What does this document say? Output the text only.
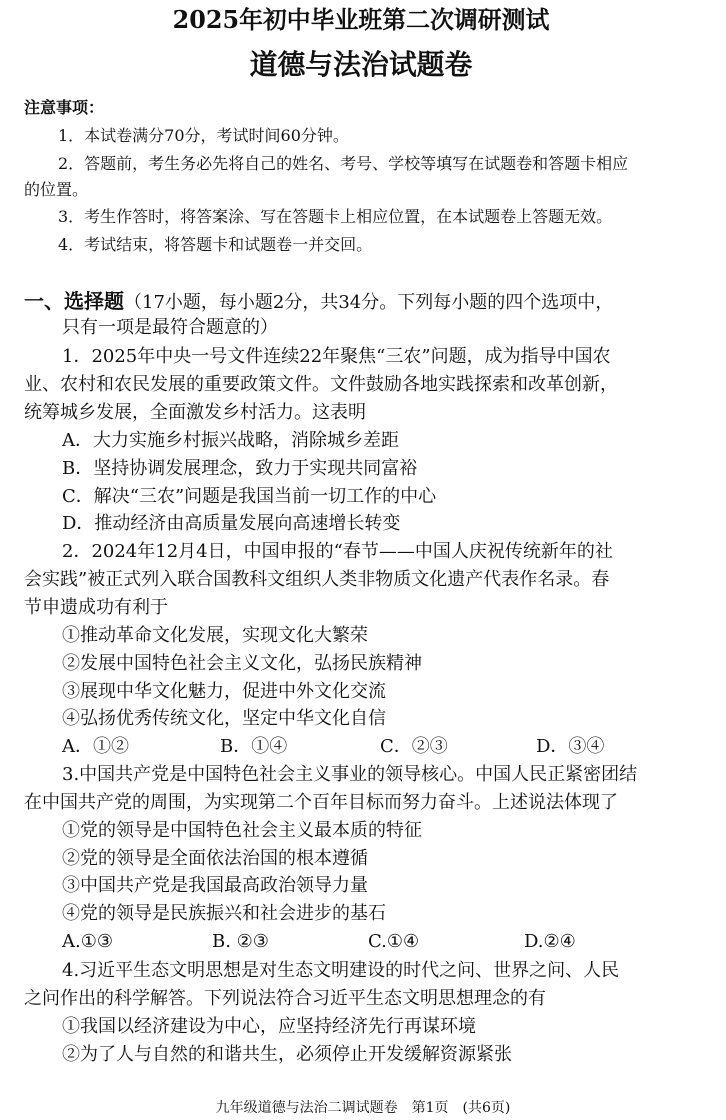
2025年初中毕业班第二次调研测试
道德与法治试题卷
注意事项：
1．本试卷满分70分，考试时间60分钟。
2．答题前，考生务必先将自己的姓名、考号、学校等填写在试题卷和答题卡相应
的位置。
3．考生作答时，将答案涂、写在答题卡上相应位置，在本试题卷上答题无效。
4．考试结束，将答题卡和试题卷一并交回。
一、选择题（17小题，每小题2分，共34分。下列每小题的四个选项中，
只有一项是最符合题意的）
1．2025年中央一号文件连续22年聚焦“三农”问题，成为指导中国农
业、农村和农民发展的重要政策文件。文件鼓励各地实践探索和改革创新，
统筹城乡发展，全面激发乡村活力。这表明
A．大力实施乡村振兴战略，消除城乡差距
B．坚持协调发展理念，致力于实现共同富裕
C．解决“三农”问题是我国当前一切工作的中心
D．推动经济由高质量发展向高速增长转变
2．2024年12月4日，中国申报的“春节——中国人庆祝传统新年的社
会实践”被正式列入联合国教科文组织人类非物质文化遗产代表作名录。春
节申遗成功有利于
①推动革命文化发展，实现文化大繁荣
②发展中国特色社会主义文化，弘扬民族精神
③展现中华文化魅力，促进中外文化交流
④弘扬优秀传统文化，坚定中华文化自信
A．①②	B．①④	C．②③	D．③④
3.中国共产党是中国特色社会主义事业的领导核心。中国人民正紧密团结
在中国共产党的周围，为实现第二个百年目标而努力奋斗。上述说法体现了
①党的领导是中国特色社会主义最本质的特征
②党的领导是全面依法治国的根本遵循
③中国共产党是我国最高政治领导力量
④党的领导是民族振兴和社会进步的基石
A.①③	B. ②③	C.①④	D.②④
4.习近平生态文明思想是对生态文明建设的时代之问、世界之问、人民
之问作出的科学解答。下列说法符合习近平生态文明思想理念的有
①我国以经济建设为中心，应坚持经济先行再谋环境
②为了人与自然的和谐共生，必须停止开发缓解资源紧张
九年级道德与法治二调试题卷　第1页　(共6页)
